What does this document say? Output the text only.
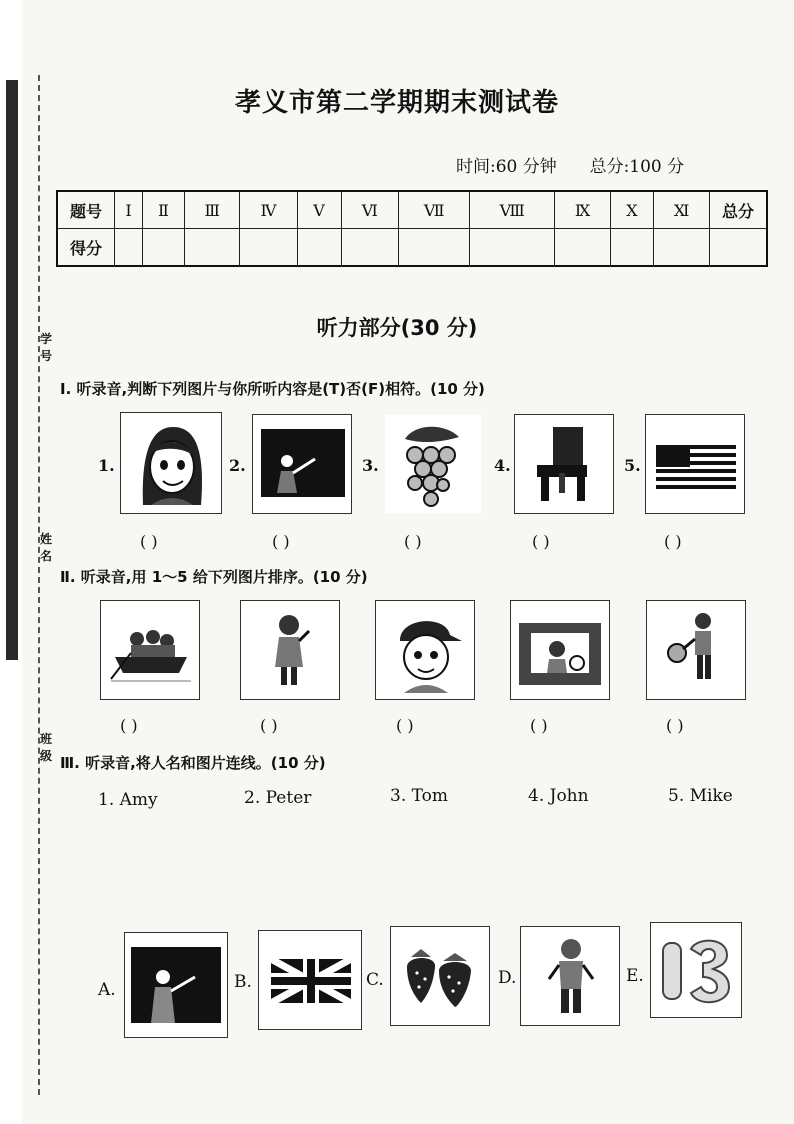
学号
姓名
班级
孝义市第二学期期末测试卷
时间:60 分钟 总分:100 分
题号	Ⅰ	Ⅱ	Ⅲ	Ⅳ	Ⅴ	Ⅵ	Ⅶ	Ⅷ	Ⅸ	Ⅹ	Ⅺ	总分
得分												
听力部分(30 分)
Ⅰ. 听录音,判断下列图片与你所听内容是(T)否(F)相符。(10 分)
1.	2.	3.	4.	5.
( )	( )	( )	( )	( )
Ⅱ. 听录音,用 1～5 给下列图片排序。(10 分)
( )	( )	( )	( )	( )
Ⅲ. 听录音,将人名和图片连线。(10 分)
1. Amy	2. Peter	3. Tom	4. John	5. Mike
A.	B.	C.	D.	E.
